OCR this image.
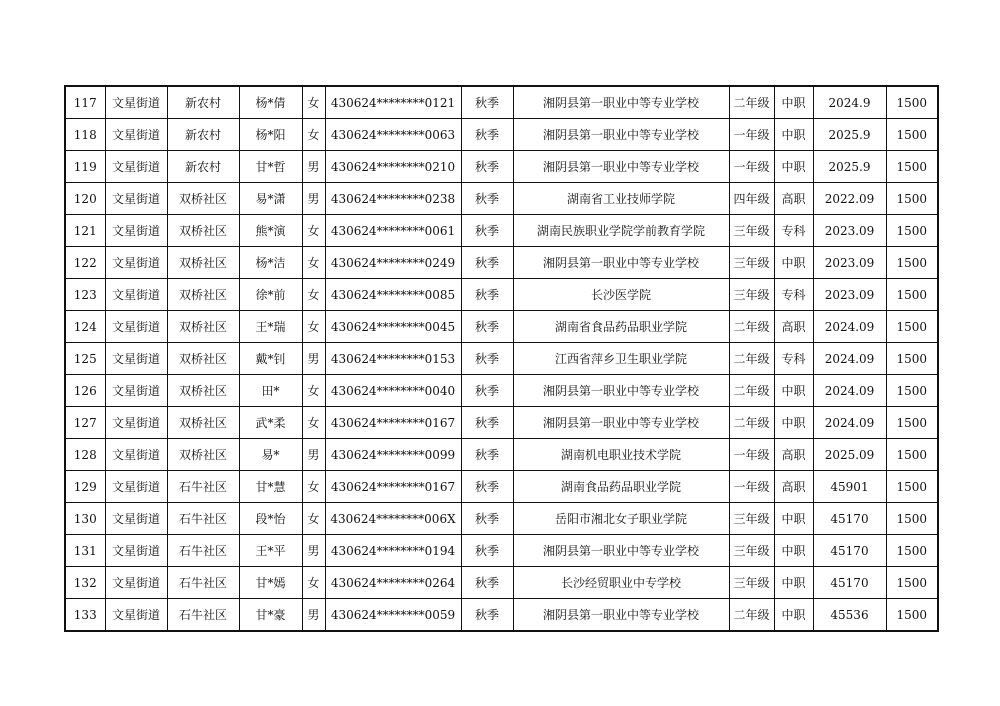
117	文星街道	新农村	杨*倩	女	430624********0121	秋季	湘阴县第一职业中等专业学校	二年级	中职	2024.9	1500
118	文星街道	新农村	杨*阳	女	430624********0063	秋季	湘阴县第一职业中等专业学校	一年级	中职	2025.9	1500
119	文星街道	新农村	甘*哲	男	430624********0210	秋季	湘阴县第一职业中等专业学校	一年级	中职	2025.9	1500
120	文星街道	双桥社区	易*潇	男	430624********0238	秋季	湖南省工业技师学院	四年级	高职	2022.09	1500
121	文星街道	双桥社区	熊*演	女	430624********0061	秋季	湖南民族职业学院学前教育学院	三年级	专科	2023.09	1500
122	文星街道	双桥社区	杨*洁	女	430624********0249	秋季	湘阴县第一职业中等专业学校	三年级	中职	2023.09	1500
123	文星街道	双桥社区	徐*前	女	430624********0085	秋季	长沙医学院	三年级	专科	2023.09	1500
124	文星街道	双桥社区	王*瑞	女	430624********0045	秋季	湖南省食品药品职业学院	二年级	高职	2024.09	1500
125	文星街道	双桥社区	戴*钊	男	430624********0153	秋季	江西省萍乡卫生职业学院	二年级	专科	2024.09	1500
126	文星街道	双桥社区	田*	女	430624********0040	秋季	湘阴县第一职业中等专业学校	二年级	中职	2024.09	1500
127	文星街道	双桥社区	武*柔	女	430624********0167	秋季	湘阴县第一职业中等专业学校	二年级	中职	2024.09	1500
128	文星街道	双桥社区	易*	男	430624********0099	秋季	湖南机电职业技术学院	一年级	高职	2025.09	1500
129	文星街道	石牛社区	甘*慧	女	430624********0167	秋季	湖南食品药品职业学院	一年级	高职	45901	1500
130	文星街道	石牛社区	段*怡	女	430624********006X	秋季	岳阳市湘北女子职业学院	三年级	中职	45170	1500
131	文星街道	石牛社区	王*平	男	430624********0194	秋季	湘阴县第一职业中等专业学校	三年级	中职	45170	1500
132	文星街道	石牛社区	甘*嫣	女	430624********0264	秋季	长沙经贸职业中专学校	三年级	中职	45170	1500
133	文星街道	石牛社区	甘*豪	男	430624********0059	秋季	湘阴县第一职业中等专业学校	二年级	中职	45536	1500
